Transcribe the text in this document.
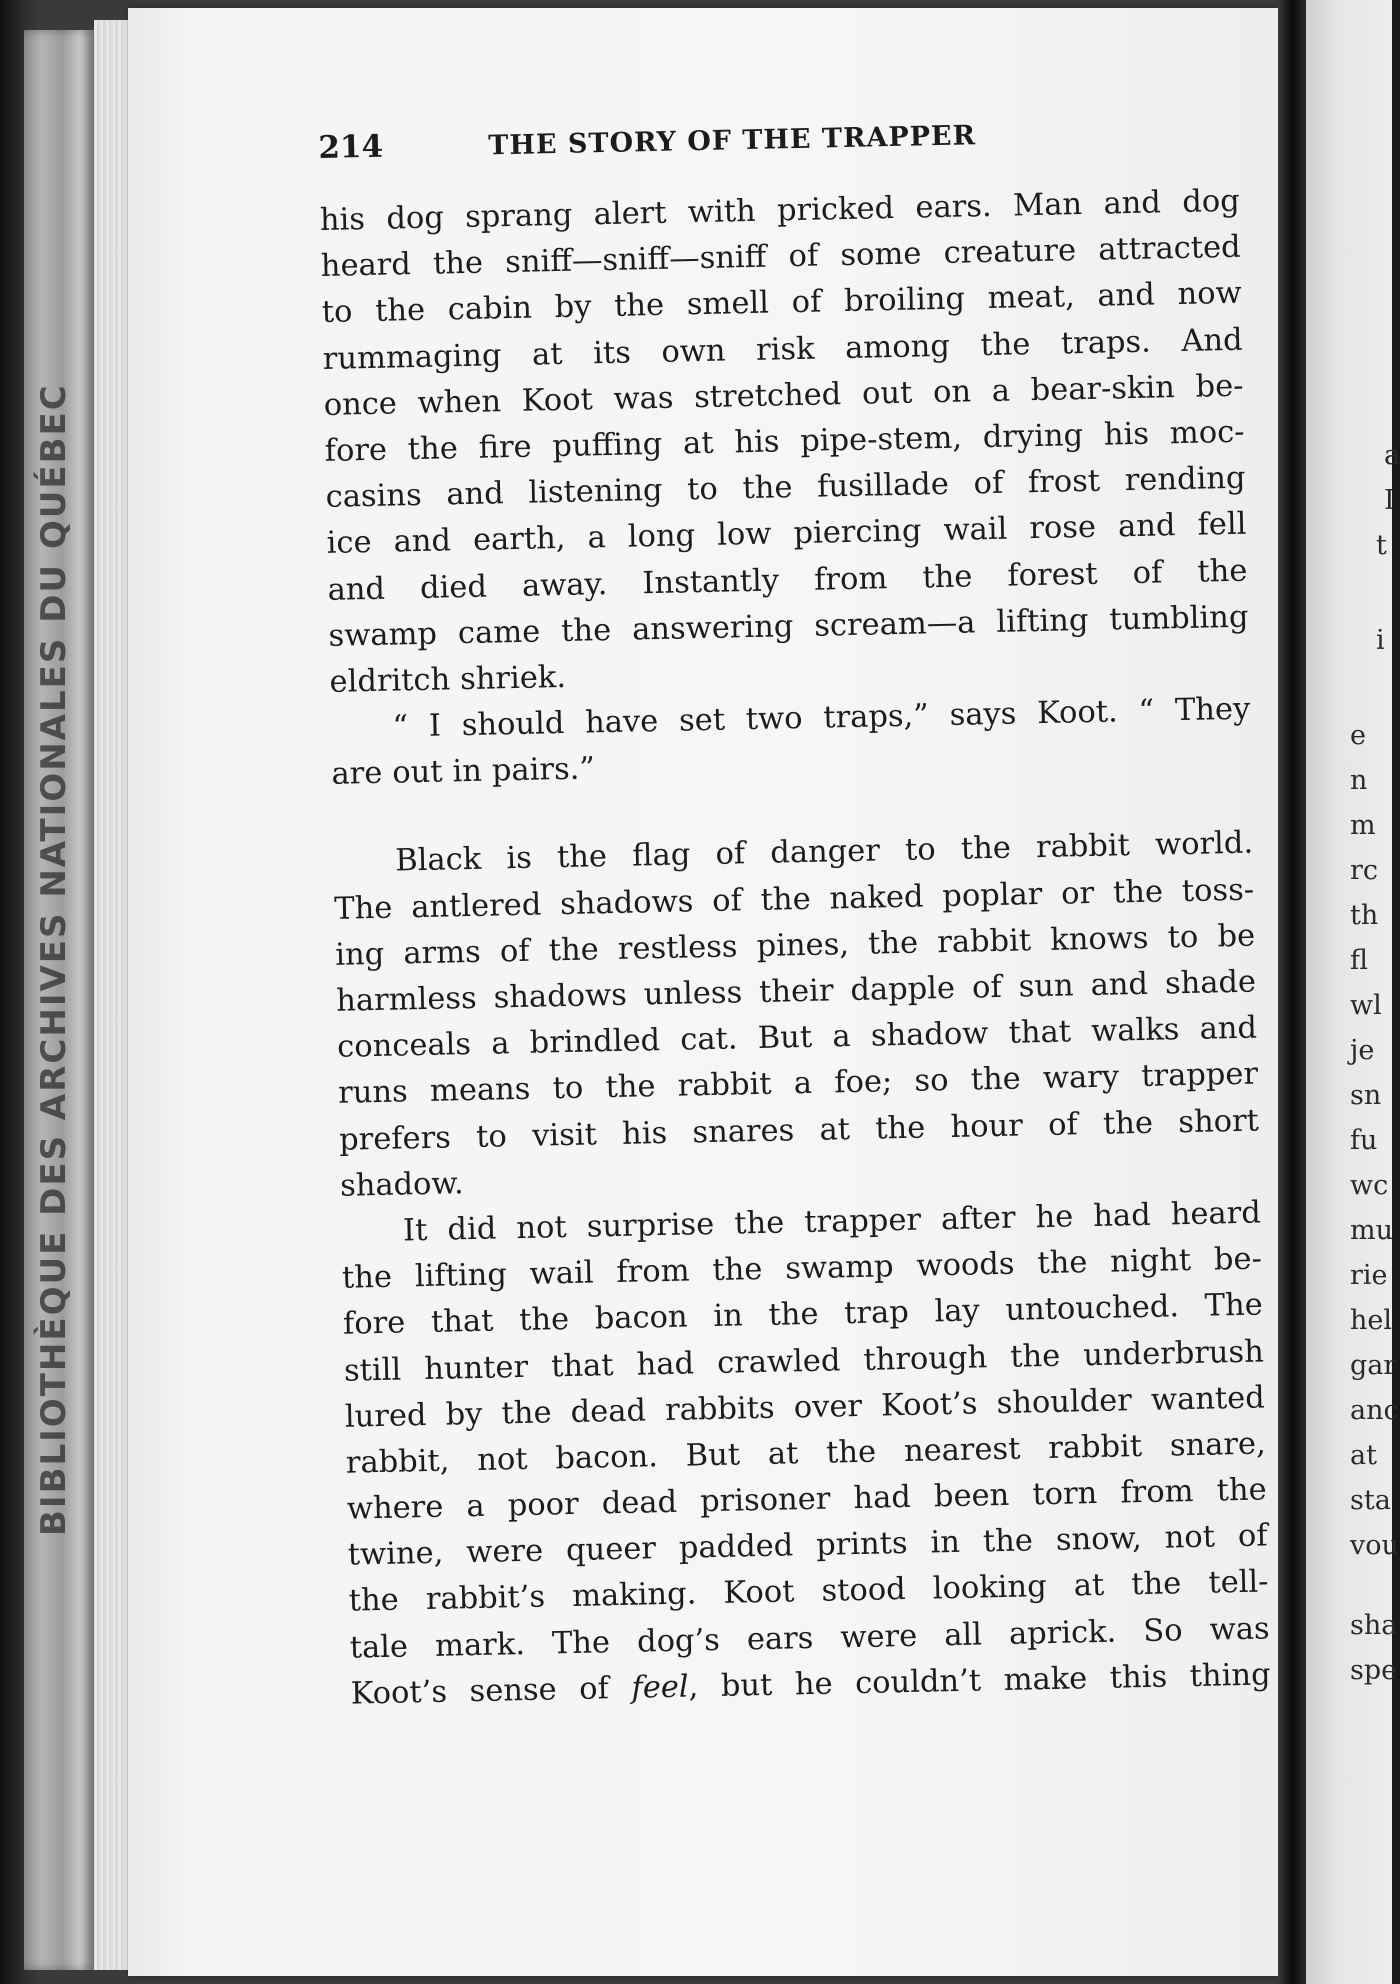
BIBLIOTHÈQUE DES ARCHIVES NATIONALES DU QUÉBEC
214	THE STORY OF THE TRAPPER
his dog sprang alert with pricked ears. Man and dog
heard the sniff—sniff—sniff of some creature attracted
to the cabin by the smell of broiling meat, and now
rummaging at its own risk among the traps. And
once when Koot was stretched out on a bear-skin be-
fore the fire puffing at his pipe-stem, drying his moc-
casins and listening to the fusillade of frost rending
ice and earth, a long low piercing wail rose and fell
and died away. Instantly from the forest of the
swamp came the answering scream—a lifting tumbling
eldritch shriek.
“ I should have set two traps,” says Koot. “ They
are out in pairs.”
Black is the flag of danger to the rabbit world.
The antlered shadows of the naked poplar or the toss-
ing arms of the restless pines, the rabbit knows to be
harmless shadows unless their dapple of sun and shade
conceals a brindled cat. But a shadow that walks and
runs means to the rabbit a foe; so the wary trapper
prefers to visit his snares at the hour of the short
shadow.
It did not surprise the trapper after he had heard
the lifting wail from the swamp woods the night be-
fore that the bacon in the trap lay untouched. The
still hunter that had crawled through the underbrush
lured by the dead rabbits over Koot’s shoulder wanted
rabbit, not bacon. But at the nearest rabbit snare,
where a poor dead prisoner had been torn from the
twine, were queer padded prints in the snow, not of
the rabbit’s making. Koot stood looking at the tell-
tale mark. The dog’s ears were all aprick. So was
Koot’s sense of feel, but he couldn’t make this thing
a
I
t
i
e
n
m
rc
th
fl
wl
je
sn
fu
wc
mu
rie
hel
gar
anc
at
sta
vou
sha
spe
